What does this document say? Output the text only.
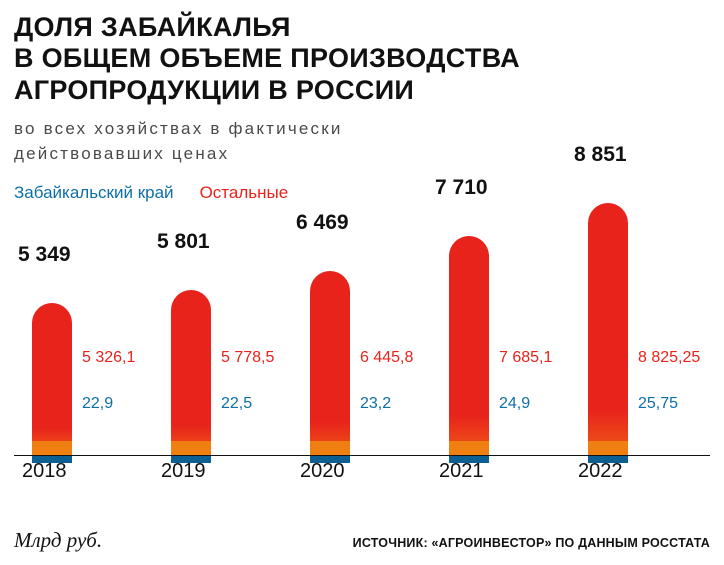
ДОЛЯ ЗАБАЙКАЛЬЯ
В ОБЩЕМ ОБЪЕМЕ ПРОИЗВОДСТВА
АГРОПРОДУКЦИИ В РОССИИ
во всех хозяйствах в фактически
действовавших ценах
Забайкальский край Остальные
5 349
5 326,1
22,9
2018
5 801
5 778,5
22,5
2019
6 469
6 445,8
23,2
2020
7 710
7 685,1
24,9
2021
8 851
8 825,25
25,75
2022
Млрд руб.	ИСТОЧНИК: «АГРОИНВЕСТОР» ПО ДАННЫМ РОССТАТА
